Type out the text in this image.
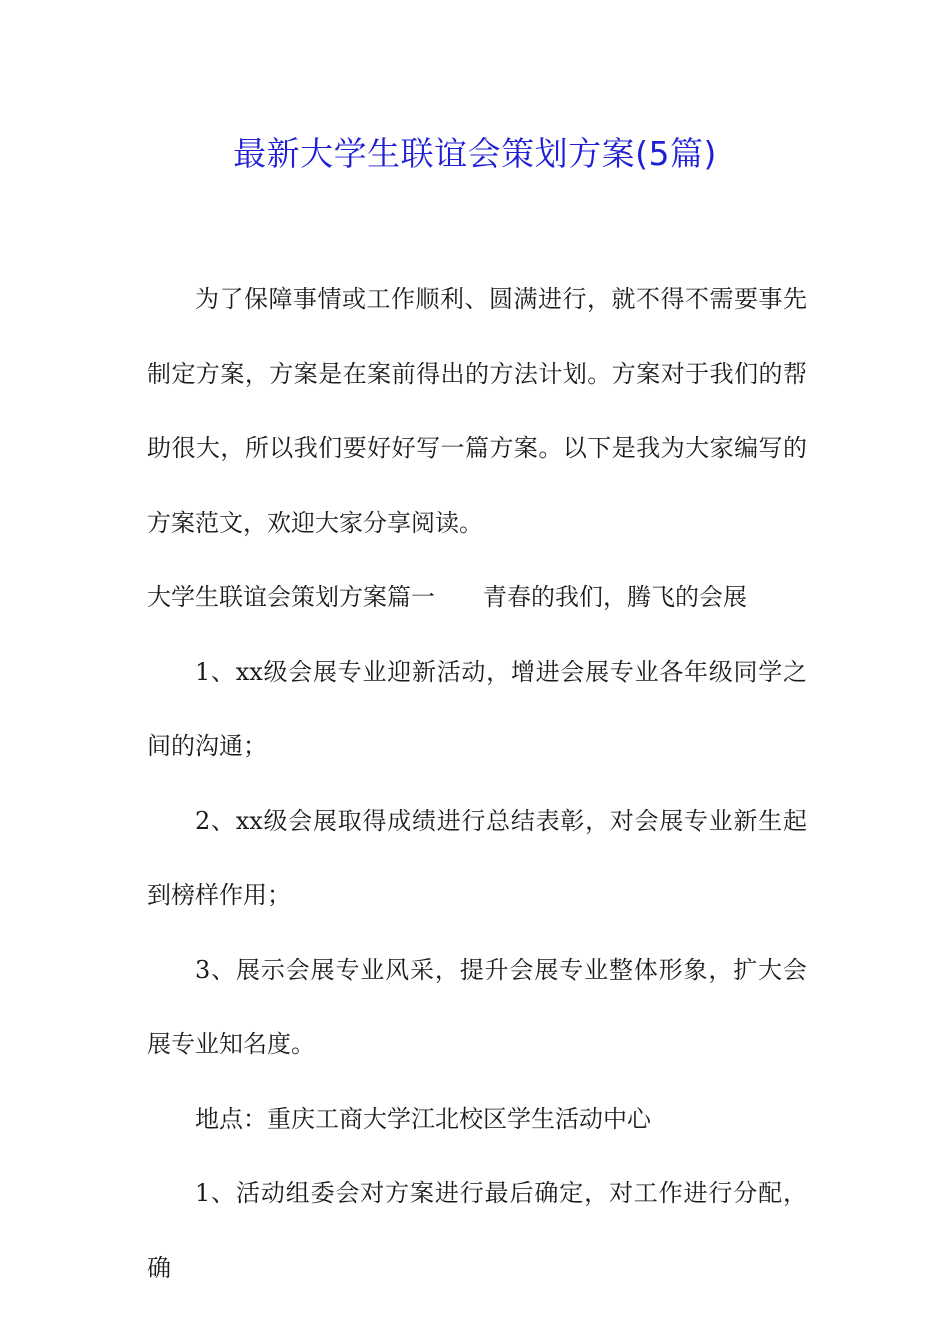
最新大学生联谊会策划方案(5篇)

为了保障事情或工作顺利、圆满进行，就不得不需要事先制定方案，方案是在案前得出的方法计划。方案对于我们的帮助很大，所以我们要好好写一篇方案。以下是我为大家编写的方案范文，欢迎大家分享阅读。

大学生联谊会策划方案篇一　　青春的我们，腾飞的会展

1、xx级会展专业迎新活动，增进会展专业各年级同学之间的沟通；

2、xx级会展取得成绩进行总结表彰，对会展专业新生起到榜样作用；

3、展示会展专业风采，提升会展专业整体形象，扩大会展专业知名度。

地点：重庆工商大学江北校区学生活动中心

1、活动组委会对方案进行最后确定，对工作进行分配，确
